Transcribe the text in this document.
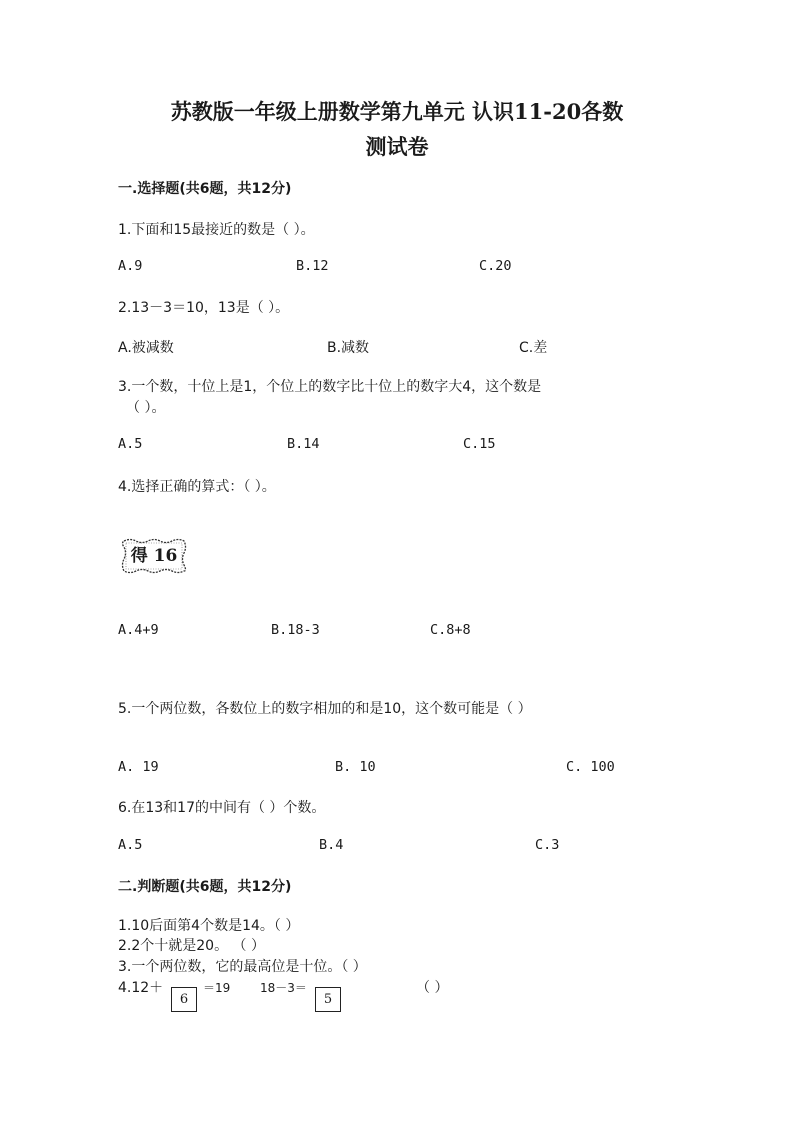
苏教版一年级上册数学第九单元 认识11-20各数
测试卷
一.选择题(共6题，共12分)
1.下面和15最接近的数是（ ）。
A.9	B.12	C.20
2.13－3＝10，13是（ ）。
A.被减数	B.减数	C.差
3.一个数，十位上是1，个位上的数字比十位上的数字大4，这个数是
（ ）。
A.5	B.14	C.15
4.选择正确的算式：（ ）。
得 16
A.4+9	B.18-3	C.8+8
5.一个两位数，各数位上的数字相加的和是10，这个数可能是（ ）
A. 19	B. 10	C. 100
6.在13和17的中间有（ ）个数。
A.5	B.4	C.3
二.判断题(共6题，共12分)
1.10后面第4个数是14。（ ）
2.2个十就是20。 （ ）
3.一个两位数，它的最高位是十位。（ ）
4.12＋
6
＝19 18－3＝
5
（ ）
